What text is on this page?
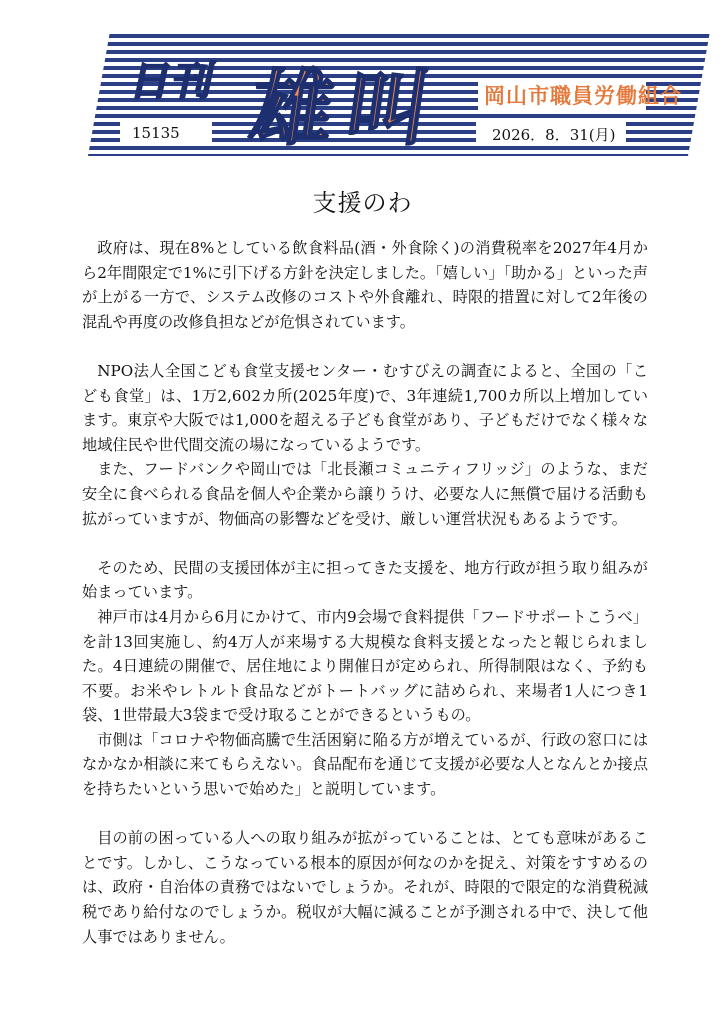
日刊 雄叫 岡山市職員労働組合
15135	2026．8．31(月)
支援のわ

政府は、現在8%としている飲食料品(酒・外食除く)の消費税率を2027年4月から2年間限定で1%に引下げる方針を決定しました。「嬉しい」「助かる」といった声が上がる一方で、システム改修のコストや外食離れ、時限的措置に対して2年後の混乱や再度の改修負担などが危惧されています。

NPO法人全国こども食堂支援センター・むすびえの調査によると、全国の「こども食堂」は、1万2,602カ所(2025年度)で、3年連続1,700カ所以上増加しています。東京や大阪では1,000を超える子ども食堂があり、子どもだけでなく様々な地域住民や世代間交流の場になっているようです。

また、フードバンクや岡山では「北長瀬コミュニティフリッジ」のような、まだ安全に食べられる食品を個人や企業から譲りうけ、必要な人に無償で届ける活動も拡がっていますが、物価高の影響などを受け、厳しい運営状況もあるようです。

そのため、民間の支援団体が主に担ってきた支援を、地方行政が担う取り組みが始まっています。

神戸市は4月から6月にかけて、市内9会場で食料提供「フードサポートこうべ」を計13回実施し、約4万人が来場する大規模な食料支援となったと報じられました。4日連続の開催で、居住地により開催日が定められ、所得制限はなく、予約も不要。お米やレトルト食品などがトートバッグに詰められ、来場者1人につき1袋、1世帯最大3袋まで受け取ることができるというもの。

市側は「コロナや物価高騰で生活困窮に陥る方が増えているが、行政の窓口にはなかなか相談に来てもらえない。食品配布を通じて支援が必要な人となんとか接点を持ちたいという思いで始めた」と説明しています。

目の前の困っている人への取り組みが拡がっていることは、とても意味があることです。しかし、こうなっている根本的原因が何なのかを捉え、対策をすすめるのは、政府・自治体の責務ではないでしょうか。それが、時限的で限定的な消費税減税であり給付なのでしょうか。税収が大幅に減ることが予測される中で、決して他人事ではありません。
